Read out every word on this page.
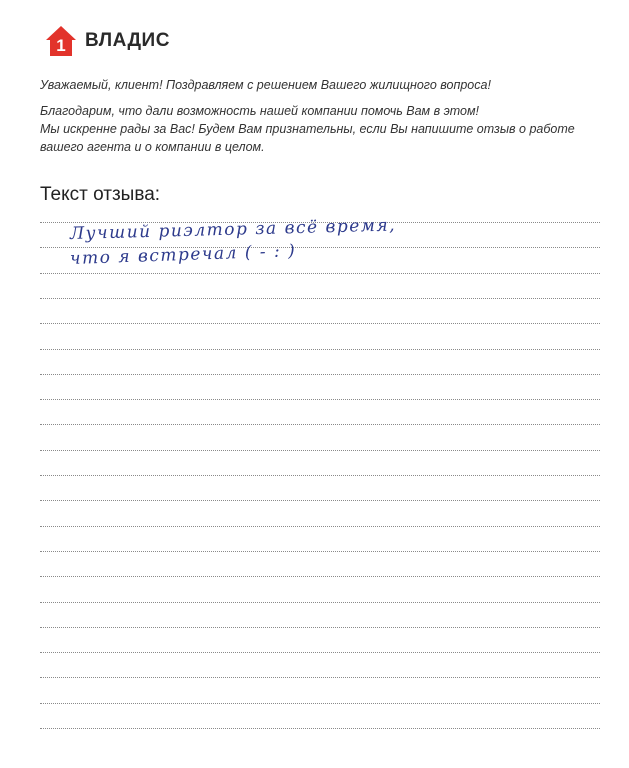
1 ВЛАДИС

Уважаемый, клиент! Поздравляем с решением Вашего жилищного вопроса!

Благодарим, что дали возможность нашей компании помочь Вам в этом!
Мы искренне рады за Вас! Будем Вам признательны, если Вы напишите отзыв о работе
вашего агента и о компании в целом.

Текст отзыва:
Лучший риэлтор за всё время,
что я встречал ( - : )
